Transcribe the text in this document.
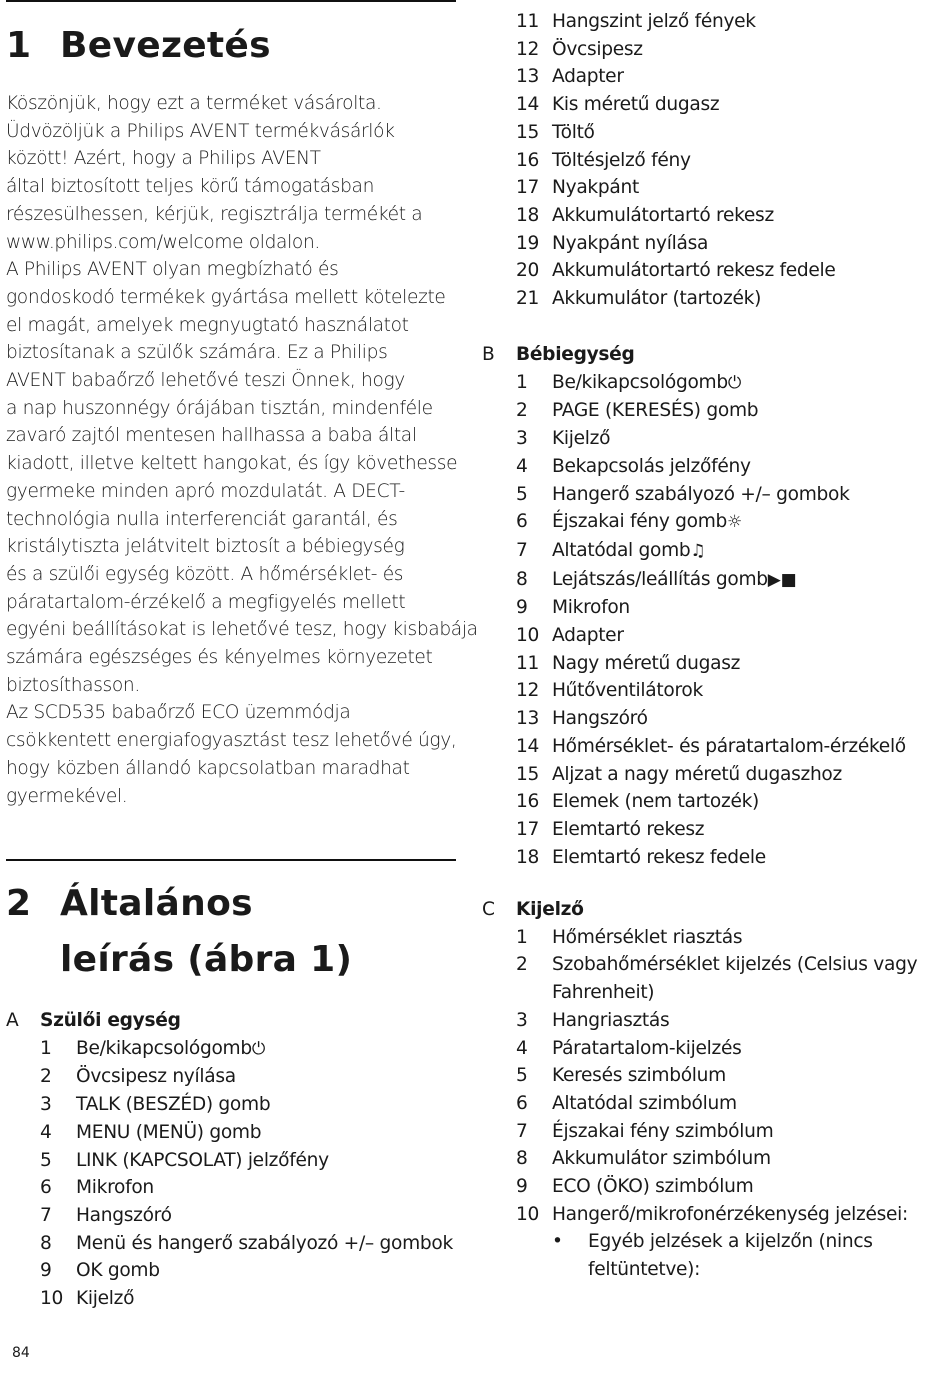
1 Bevezetés
Köszönjük, hogy ezt a terméket vásárolta.
Üdvözöljük a Philips AVENT termékvásárlók
között! Azért, hogy a Philips AVENT
által biztosított teljes körű támogatásban
részesülhessen, kérjük, regisztrálja termékét a
www.philips.com/welcome oldalon.
A Philips AVENT olyan megbízható és
gondoskodó termékek gyártása mellett kötelezte
el magát, amelyek megnyugtató használatot
biztosítanak a szülők számára. Ez a Philips
AVENT babaőrző lehetővé teszi Önnek, hogy
a nap huszonnégy órájában tisztán, mindenféle
zavaró zajtól mentesen hallhassa a baba által
kiadott, illetve keltett hangokat, és így követhesse
gyermeke minden apró mozdulatát. A DECT-
technológia nulla interferenciát garantál, és
kristálytiszta jelátvitelt biztosít a bébiegység
és a szülői egység között. A hőmérséklet- és
páratartalom-érzékelő a megfigyelés mellett
egyéni beállításokat is lehetővé tesz, hogy kisbabája
számára egészséges és kényelmes környezetet
biztosíthasson.
Az SCD535 babaőrző ECO üzemmódja
csökkentett energiafogyasztást tesz lehetővé úgy,
hogy közben állandó kapcsolatban maradhat
gyermekével.
2 Általános
leírás (ábra 1)
A Szülői egység
1 Be/kikapcsológomb⏻
2 Övcsipesz nyílása
3 TALK (BESZÉD) gomb
4 MENU (MENÜ) gomb
5 LINK (KAPCSOLAT) jelzőfény
6 Mikrofon
7 Hangszóró
8 Menü és hangerő szabályozó +/– gombok
9 OK gomb
10 Kijelző
84
11 Hangszint jelző fények
12 Övcsipesz
13 Adapter
14 Kis méretű dugasz
15 Töltő
16 Töltésjelző fény
17 Nyakpánt
18 Akkumulátortartó rekesz
19 Nyakpánt nyílása
20 Akkumulátortartó rekesz fedele
21 Akkumulátor (tartozék)
B Bébiegység
1 Be/kikapcsológomb⏻
2 PAGE (KERESÉS) gomb
3 Kijelző
4 Bekapcsolás jelzőfény
5 Hangerő szabályozó +/– gombok
6 Éjszakai fény gomb☼
7 Altatódal gomb♫
8 Lejátszás/leállítás gomb▶■
9 Mikrofon
10 Adapter
11 Nagy méretű dugasz
12 Hűtőventilátorok
13 Hangszóró
14 Hőmérséklet- és páratartalom-érzékelő
15 Aljzat a nagy méretű dugaszhoz
16 Elemek (nem tartozék)
17 Elemtartó rekesz
18 Elemtartó rekesz fedele
C Kijelző
1 Hőmérséklet riasztás
2 Szobahőmérséklet kijelzés (Celsius vagy
Fahrenheit)
3 Hangriasztás
4 Páratartalom-kijelzés
5 Keresés szimbólum
6 Altatódal szimbólum
7 Éjszakai fény szimbólum
8 Akkumulátor szimbólum
9 ECO (ÖKO) szimbólum
10 Hangerő/mikrofonérzékenység jelzései:
• Egyéb jelzések a kijelzőn (nincs
feltüntetve):
